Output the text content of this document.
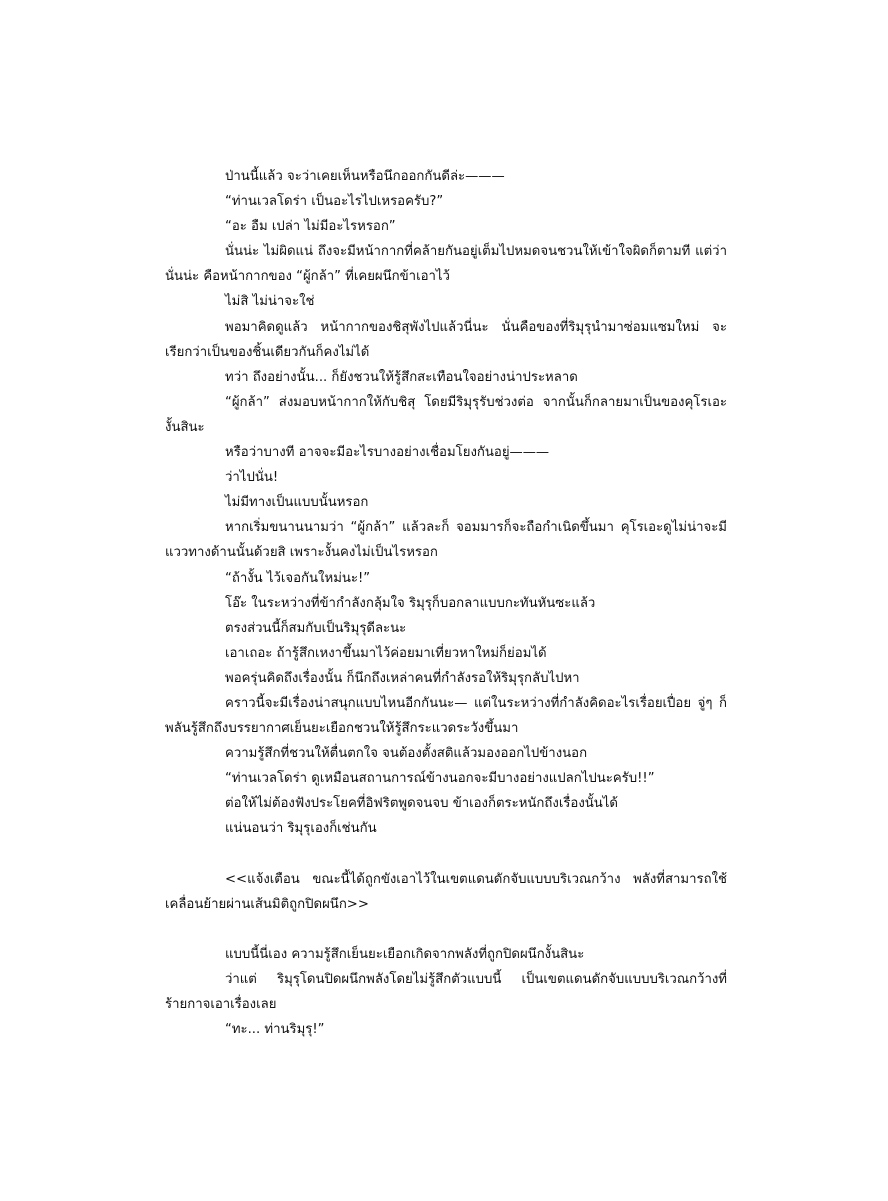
ป่านนี้แล้ว จะว่าเคยเห็นหรือนึกออกกันดีล่ะ———

“ท่านเวลโดร่า เป็นอะไรไปเหรอครับ?”

“อะ อืม เปล่า ไม่มีอะไรหรอก”

นั่นน่ะ ไม่ผิดแน่ ถึงจะมีหน้ากากที่คล้ายกันอยู่เต็มไปหมดจนชวนให้เข้าใจผิดก็ตามที แต่ว่านั่นน่ะ คือหน้ากากของ “ผู้กล้า” ที่เคยผนึกข้าเอาไว้

ไม่สิ ไม่น่าจะใช่

พอมาคิดดูแล้ว หน้ากากของชิสุพังไปแล้วนี่นะ นั่นคือของที่ริมุรุนำมาซ่อมแซมใหม่ จะเรียกว่าเป็นของชิ้นเดียวกันก็คงไม่ได้

ทว่า ถึงอย่างนั้น... ก็ยังชวนให้รู้สึกสะเทือนใจอย่างน่าประหลาด

“ผู้กล้า” ส่งมอบหน้ากากให้กับชิสุ โดยมีริมุรุรับช่วงต่อ จากนั้นก็กลายมาเป็นของคุโรเอะ งั้นสินะ

หรือว่าบางที อาจจะมีอะไรบางอย่างเชื่อมโยงกันอยู่———

ว่าไปนั่น!

ไม่มีทางเป็นแบบนั้นหรอก

หากเริ่มขนานนามว่า “ผู้กล้า” แล้วละก็ จอมมารก็จะถือกำเนิดขึ้นมา คุโรเอะดูไม่น่าจะมีแววทางด้านนั้นด้วยสิ เพราะงั้นคงไม่เป็นไรหรอก

“ถ้างั้น ไว้เจอกันใหม่นะ!”

โอ๊ะ ในระหว่างที่ข้ากำลังกลุ้มใจ ริมุรุก็บอกลาแบบกะทันหันซะแล้ว

ตรงส่วนนี้ก็สมกับเป็นริมุรุดีละนะ

เอาเถอะ ถ้ารู้สึกเหงาขึ้นมาไว้ค่อยมาเที่ยวหาใหม่ก็ย่อมได้

พอครุ่นคิดถึงเรื่องนั้น ก็นึกถึงเหล่าคนที่กำลังรอให้ริมุรุกลับไปหา

คราวนี้จะมีเรื่องน่าสนุกแบบไหนอีกกันนะ— แต่ในระหว่างที่กำลังคิดอะไรเรื่อยเปื่อย จู่ๆ ก็พลันรู้สึกถึงบรรยากาศเย็นยะเยือกชวนให้รู้สึกระแวดระวังขึ้นมา

ความรู้สึกที่ชวนให้ตื่นตกใจ จนต้องตั้งสติแล้วมองออกไปข้างนอก

“ท่านเวลโดร่า ดูเหมือนสถานการณ์ข้างนอกจะมีบางอย่างแปลกไปนะครับ!!”

ต่อให้ไม่ต้องฟังประโยคที่อิฟริตพูดจนจบ ข้าเองก็ตระหนักถึงเรื่องนั้นได้

แน่นอนว่า ริมุรุเองก็เช่นกัน

<<แจ้งเตือน ขณะนี้ได้ถูกขังเอาไว้ในเขตแดนดักจับแบบบริเวณกว้าง พลังที่สามารถใช้เคลื่อนย้ายผ่านเส้นมิติถูกปิดผนึก>>

แบบนี้นี่เอง ความรู้สึกเย็นยะเยือกเกิดจากพลังที่ถูกปิดผนึกงั้นสินะ

ว่าแต่ ริมุรุโดนปิดผนึกพลังโดยไม่รู้สึกตัวแบบนี้ เป็นเขตแดนดักจับแบบบริเวณกว้างที่ร้ายกาจเอาเรื่องเลย

“ทะ... ท่านริมุรุ!”
